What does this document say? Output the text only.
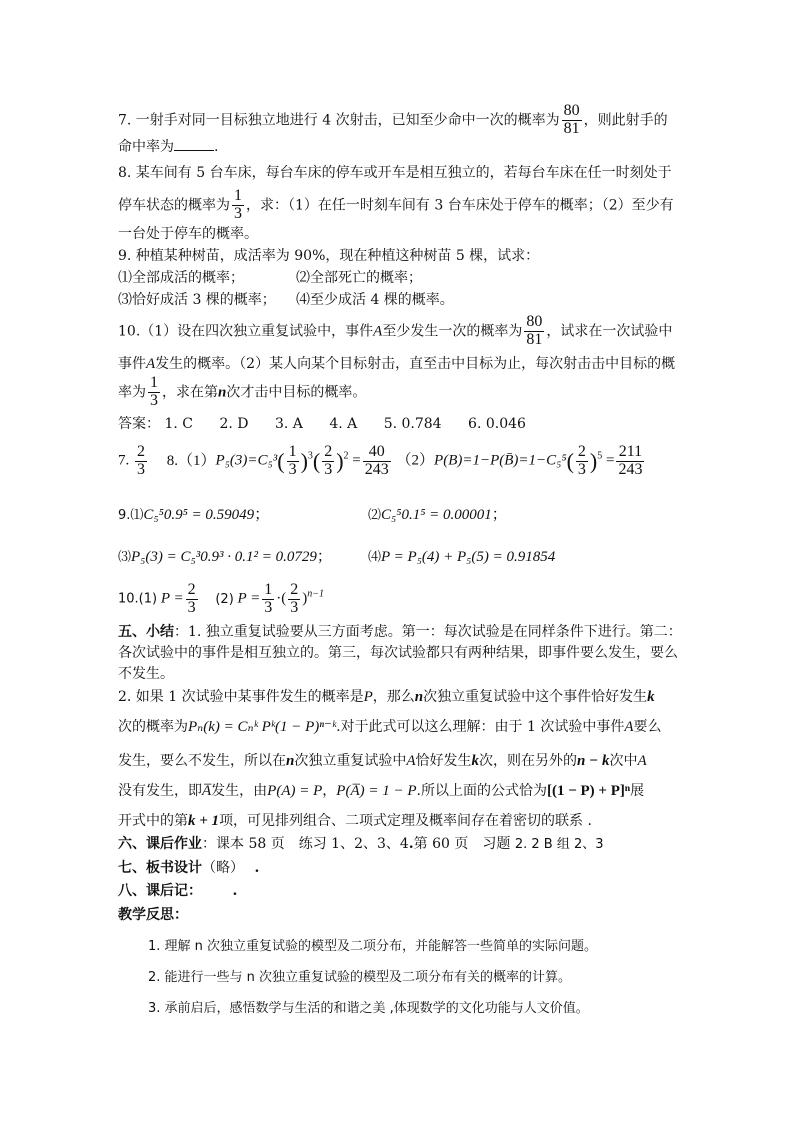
7. 一射手对同一目标独立地进行 4 次射击，已知至少命中一次的概率为 $\frac{80}{81}$ ，则此射手的
命中率为	.
8. 某车间有 5 台车床，每台车床的停车或开车是相互独立的，若每台车床在任一时刻处于
停车状态的概率为 $\frac{1}{3}$ ，求：（1）在任一时刻车间有 3 台车床处于停车的概率；（2）至少有
一台处于停车的概率。
9. 种植某种树苗，成活率为 90%，现在种植这种树苗 5 棵，试求：
⑴全部成活的概率；	⑵全部死亡的概率；
⑶恰好成活 3 棵的概率； ⑷至少成活 4 棵的概率。
10.（1）设在四次独立重复试验中，事件A至少发生一次的概率为 $\frac{80}{81}$ ，试求在一次试验中
事件A发生的概率。（2）某人向某个目标射击，直至击中目标为止，每次射击击中目标的概
率为 $\frac{1}{3}$ ，求在第n次才击中目标的概率。
答案： 1. C 2. D 3. A 4. A 5. 0.784 6. 0.046
7. $\frac{2}{3} 8.(1)P_5(3)=C_5^3( \frac{1}{3} )^3( \frac{2}{3} )^2 = \frac{40}{243}$ （2）P(B)=1−P(B̄)=1−C₅⁵( $\frac{2}{3} )^5 = \frac{211}{243}$
9.⑴C₅⁵0.9⁵ = 0.59049；	⑵C₅⁵0.1⁵ = 0.00001；
⑶P₅(3) = C₅³0.9³ · 0.1² = 0.0729；	⑷P = P₅(4) + P₅(5) = 0.91854
10.(1) $P = \frac{2}{3} (2) P = \frac{1}{3}$ ·( $\frac{2}{3} )^{n-1}$
五、小结：1. 独立重复试验要从三方面考虑。第一：每次试验是在同样条件下进行。第二：
各次试验中的事件是相互独立的。第三，每次试验都只有两种结果，即事件要么发生，要么
不发生。
2. 如果 1 次试验中某事件发生的概率是P，那么n次独立重复试验中这个事件恰好发生k
次的概率为Pₙ(k) = Cₙᵏ Pᵏ(1 − P)ⁿ⁻ᵏ.对于此式可以这么理解：由于 1 次试验中事件A要么
发生，要么不发生，所以在n次独立重复试验中A恰好发生k次，则在另外的n − k次中A
没有发生，即A̅发生，由P(A) = P，P(A̅) = 1 − P.所以上面的公式恰为[(1 − P) + P]ⁿ展
开式中的第k + 1项，可见排列组合、二项式定理及概率间存在着密切的联系 .
六、课后作业：课本 58 页　练习 1、2、3、4.第 60 页　习题 2. 2 B 组 2、3
七、板书设计（略） .
八、课后记： .
教学反思：
1. 理解 n 次独立重复试验的模型及二项分布，并能解答一些简单的实际问题。
2. 能进行一些与 n 次独立重复试验的模型及二项分布有关的概率的计算。
3. 承前启后，感悟数学与生活的和谐之美 ,体现数学的文化功能与人文价值。
